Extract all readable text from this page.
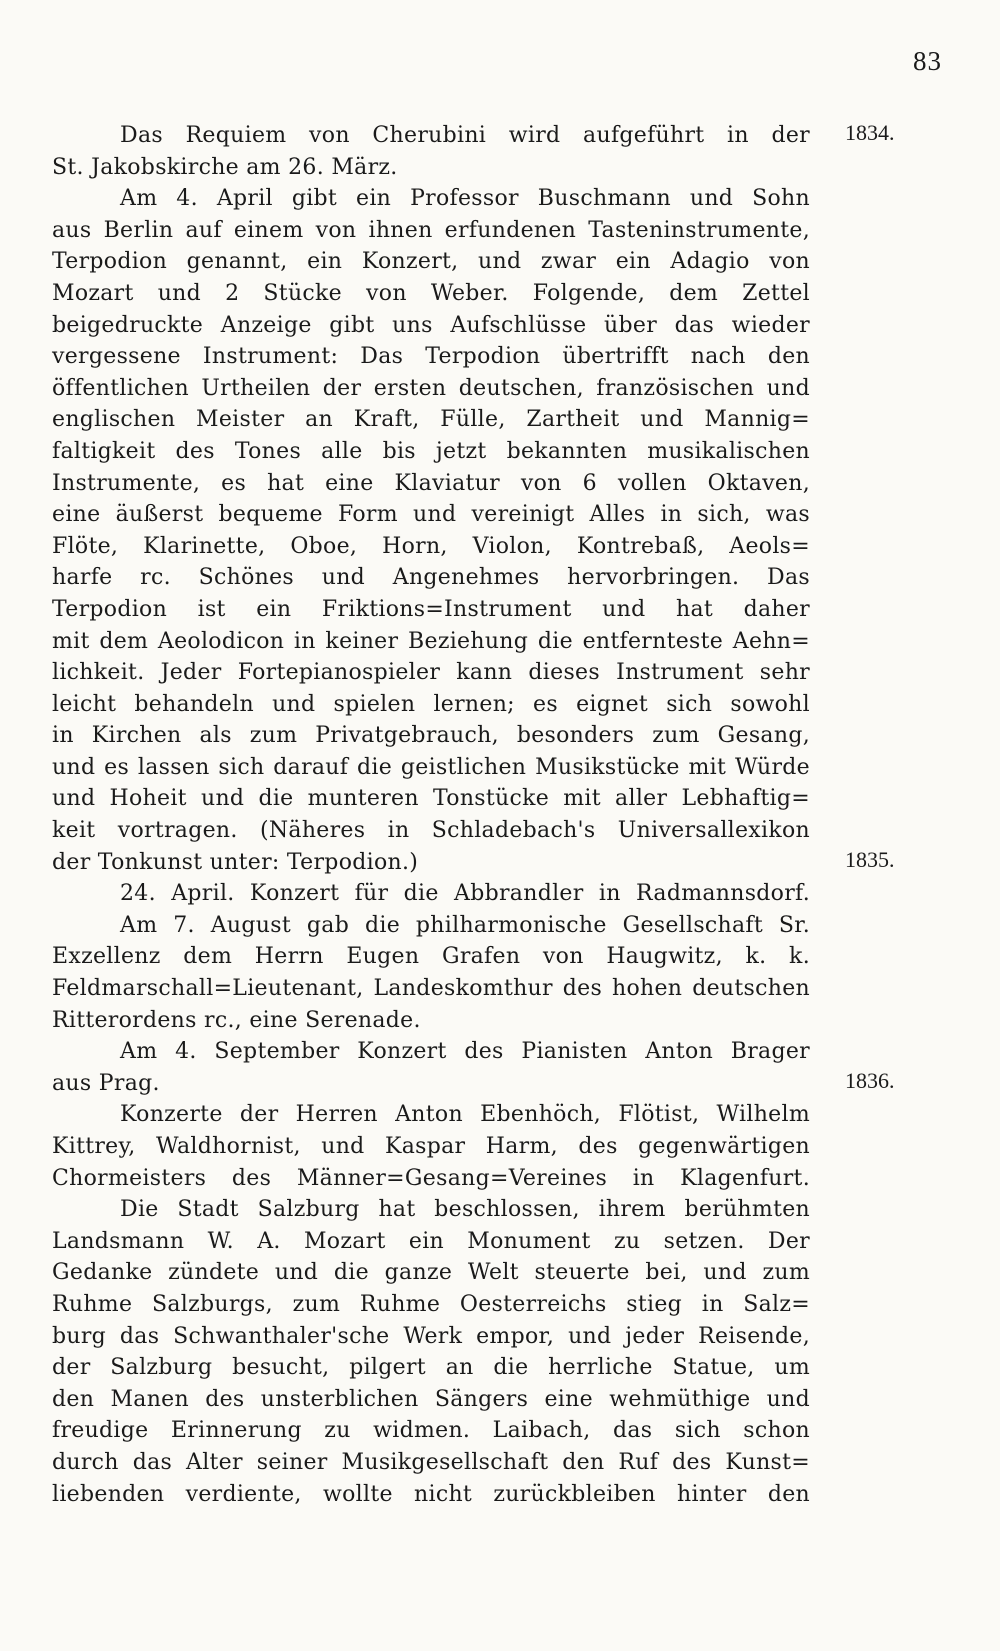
83
1834.
1835.
1836.
Das Requiem von Cherubini wird aufgeführt in der
St. Jakobskirche am 26. März.
Am 4. April gibt ein Professor Buschmann und Sohn
aus Berlin auf einem von ihnen erfundenen Tasteninstrumente,
Terpodion genannt, ein Konzert, und zwar ein Adagio von
Mozart und 2 Stücke von Weber. Folgende, dem Zettel
beigedruckte Anzeige gibt uns Aufschlüsse über das wieder
vergessene Instrument: Das Terpodion übertrifft nach den
öffentlichen Urtheilen der ersten deutschen, französischen und
englischen Meister an Kraft, Fülle, Zartheit und Mannig=
faltigkeit des Tones alle bis jetzt bekannten musikalischen
Instrumente, es hat eine Klaviatur von 6 vollen Oktaven,
eine äußerst bequeme Form und vereinigt Alles in sich, was
Flöte, Klarinette, Oboe, Horn, Violon, Kontrebaß, Aeols=
harfe rc. Schönes und Angenehmes hervorbringen. Das
Terpodion ist ein Friktions=Instrument und hat daher
mit dem Aeolodicon in keiner Beziehung die entfernteste Aehn=
lichkeit. Jeder Fortepianospieler kann dieses Instrument sehr
leicht behandeln und spielen lernen; es eignet sich sowohl
in Kirchen als zum Privatgebrauch, besonders zum Gesang,
und es lassen sich darauf die geistlichen Musikstücke mit Würde
und Hoheit und die munteren Tonstücke mit aller Lebhaftig=
keit vortragen. (Näheres in Schladebach's Universallexikon
der Tonkunst unter: Terpodion.)
24. April. Konzert für die Abbrandler in Radmannsdorf.
Am 7. August gab die philharmonische Gesellschaft Sr.
Exzellenz dem Herrn Eugen Grafen von Haugwitz, k. k.
Feldmarschall=Lieutenant, Landeskomthur des hohen deutschen
Ritterordens rc., eine Serenade.
Am 4. September Konzert des Pianisten Anton Brager
aus Prag.
Konzerte der Herren Anton Ebenhöch, Flötist, Wilhelm
Kittrey, Waldhornist, und Kaspar Harm, des gegenwärtigen
Chormeisters des Männer=Gesang=Vereines in Klagenfurt.
Die Stadt Salzburg hat beschlossen, ihrem berühmten
Landsmann W. A. Mozart ein Monument zu setzen. Der
Gedanke zündete und die ganze Welt steuerte bei, und zum
Ruhme Salzburgs, zum Ruhme Oesterreichs stieg in Salz=
burg das Schwanthaler'sche Werk empor, und jeder Reisende,
der Salzburg besucht, pilgert an die herrliche Statue, um
den Manen des unsterblichen Sängers eine wehmüthige und
freudige Erinnerung zu widmen. Laibach, das sich schon
durch das Alter seiner Musikgesellschaft den Ruf des Kunst=
liebenden verdiente, wollte nicht zurückbleiben hinter den
